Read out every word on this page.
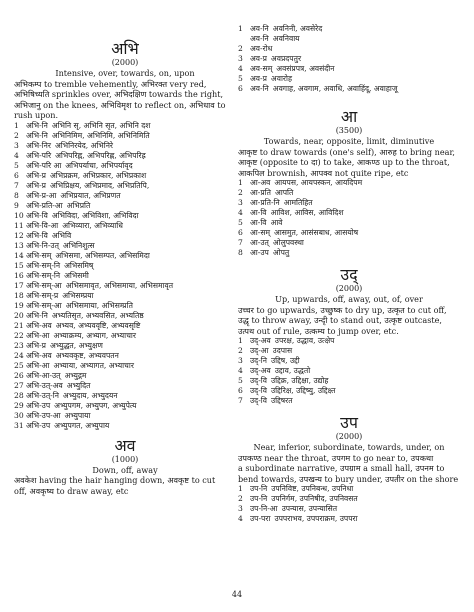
अभि

(2000)

Intensive, over, towards, on, upon

अभिकम्प to tremble vehemently, अभिरक्त very red,

अभिषिच्यति sprinkles over, अभिदक्षिण towards the right,

अभिजानु on the knees, अभिविमृश to reflect on, अभिधाव to

rush upon.

1 अभि-नि अभिनि सृ, अभिनि सृत, अभिनि दश
2 अभि-नि अभिनिमिम, अभिनिमि, अभिनिमिति
3 अभि-निर अभिनिरयेद, अभिनिरे
4 अभि-परि अभिपरिह्न, अभिपरिह्ण, अभिपरिह्र
5 अभि-परि आ अभिपर्याचा, अभिपर्यावृद
6 अभि-प्र अभिप्रक्रम, अभिप्रकार, अभिप्रकाश
7 अभि-प्र अभिप्रिक्षय, अभिप्रमाद, अभिप्रतिपि,
8 अभि-प्र-आ अभिप्रयात, अभिप्रणत
9 अभि-प्रति-आ अभिप्रति
10 अभि-वि अभिविदा, अभिविशा, अभिविदा
11 अभि-वि-आ अभिव्यारा, अभिव्याधि
12 अभि-वि अभिवि
13 अभि-नि-उत् अभिनिशुत्स
14 अभि-सम् अभिसमा, अभिसम्पत, अभिसमिदा
15 अभि-सम्-नि अभिसमिष्
16 अभि-सम्-नि अभिसमी
17 अभि-सम्-आ अभिसमावृत, अभिसमाया, अभिसमावृत
18 अभि-सम्-प्र अभिसम्प्रया
19 अभि-सम्-आ अभिसमाया, अभिसम्प्रति
20 अभि-नि अभ्यतिसृत, अभ्यवसित, अभ्यतिष्ठ
21 अभि-अव अभ्यव, अभ्यववृष्टि, अभ्यवसृष्टि
22 अभि-आ अभ्याक्रम्य, अभ्याग, अभ्याचार
23 अभि-प्र अभ्युद्धत, अभ्युक्षण
24 अभि-अव अभ्यवकृष्ट, अभ्यवपतन
25 अभि-आ अभ्याया, अभ्यागत, अभ्याचार
26 अभि-आ-उत् अभ्युद्गम
27 अभि-उत्-अव अभ्युदित
28 अभि-उत्-नि अभ्युदाय, अभ्युदयन
29 अभि-उप अभ्युपगम, अभ्युपग, अभ्युपेत्य
30 अभि-उप-आ अभ्युपाया
31 अभि-उप अभ्युपगत, अभ्युपाय

अव

(1000)

Down, off, away

अवकेश having the hair hanging down, अवकृष्ट to cut

off, अवकृष्य to draw away, etc

1 अव-नि अवनिनी, अवसेरेद
अव-नि अवनिवाय
2 अव-रोध
3 अव-प्र अवप्रदपतुर
4 अव-सम् अवसंप्रपत्र, अवसंदीन
5 अव-प्र अवारोह
6 अव-नि अवगाह, अवगाम, अवाधि, अवाहिंदू, अवाहाजू

आ

(3500)

Towards, near, opposite, limit, diminutive

आकृष्ट to draw towards (one's self), आरुह to bring near,

आकृष्ट (opposite to दा) to take, आकण्ठ up to the throat,

आकपिल brownish, आपक्व not quite ripe, etc

1 आ-अव आयपस, आयपस्कन, आयदिपम
2 आ-प्रति आपति
3 आ-प्रति-नि आमतिहित
4 आ-वि आविश, आविस, आविदिश
5 आ-वि आवे
6 आ-सम् आसमुत, आसंसबाध, आसयोष
7 आ-उत् ओलुपवस्था
8 आ-उप ओपतु

उद्

(2000)

Up, upwards, off, away, out, of, over

उच्चर to go upwards, उच्छुष्क to dry up, उत्कृत to cut off,

उद्धृ to throw away, उन्दृी to stand out, उत्कृष्ट outcaste,

उत्पथ out of rule, उत्कम्य to jump over, etc.

1 उद्-अव उपरक्ष, उद्धाव, उत्क्षेप
2 उद्-आ उदपास
3 उद्-नि उद्दिष, उद्दी
4 उद्-अव उद्दाव, उद्धतो
5 उद्-वि उद्दिक्र, उद्दिक्षा, उद्योह
6 उद्-वि उद्दिरिक्ष, उद्दिष्यु, उद्दिक्ष्त
7 उद्-वि उद्दिषरत

उप

(2000)

Near, inferior, subordinate, towards, under, on

उपकण्ठ near the throat, उपगम to go near to, उपकथा

a subordinate narrative, उपग्राम a small hall, उपनम to

bend towards, उपखन्य to bury under, उपतीर on the shore

1 उप-नि उपनिविष्ट, उपनिबन्ध, उपनिधा
2 उप-नि उपनिर्गम, उपनिषीद, उपनिवसत
3 उप-नि-आ उपन्यास, उपन्यासित
4 उप-परा उपपराभव, उपपराक्रम, उपपरा
44
